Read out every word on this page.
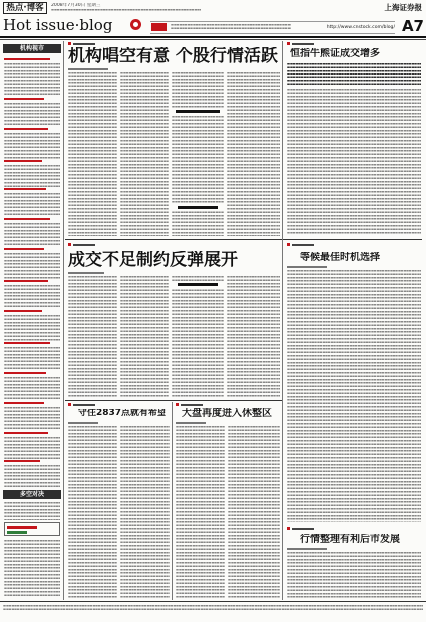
热点·博客	2008年7月30日 星期三	上海证券报
Hot issue·blog	http://www.cnstock.com/blog/ A7
机构视市
多空对决
机构唱空有意 个股行情活跃 恒指牛熊证成交增多
成交不足制约反弹展开	等候最佳时机选择
守住2837点就有希望	大盘再度进入休整区
行情整理有利后市发展
